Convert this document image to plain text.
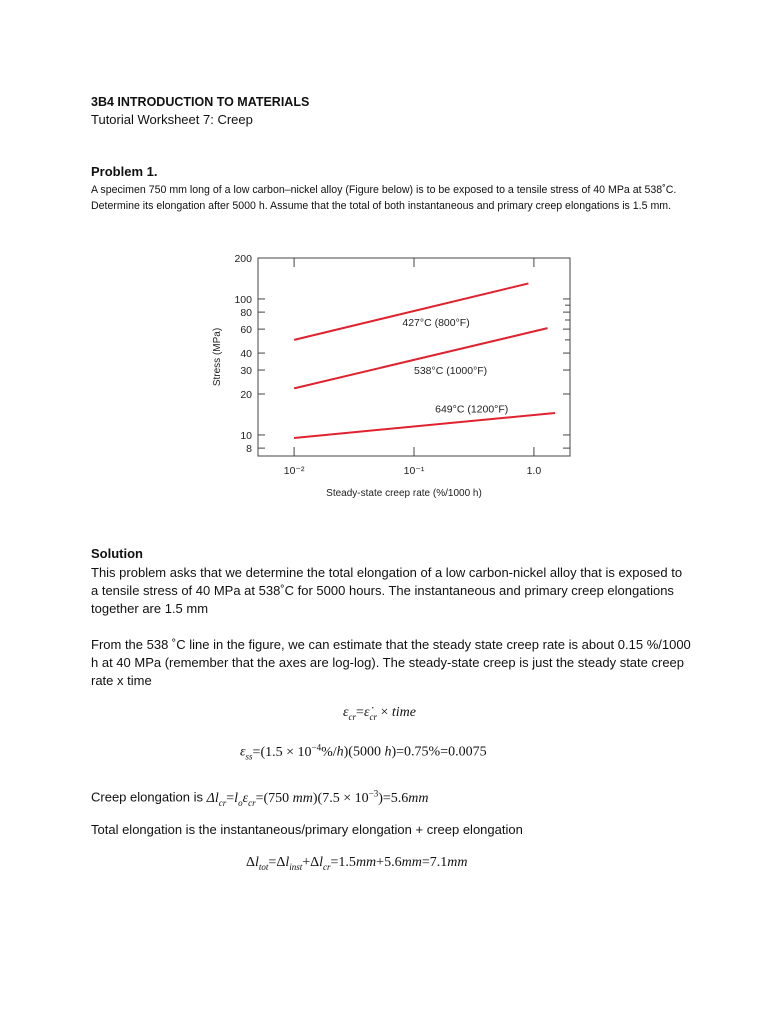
3B4 INTRODUCTION TO MATERIALS
Tutorial Worksheet 7: Creep
Problem 1.
A specimen 750 mm long of a low carbon–nickel alloy (Figure below) is to be exposed to a tensile stress of 40 MPa at 538˚C. Determine its elongation after 5000 h. Assume that the total of both instantaneous and primary creep elongations is 1.5 mm.
200
100
80
60
40
30
20
10
8
10⁻²	10⁻¹	1.0
427°C (800°F)
538°C (1000°F)
649°C (1200°F)
Steady-state creep rate (%/1000 h)
Stress (MPa)
Solution
This problem asks that we determine the total elongation of a low carbon-nickel alloy that is exposed to a tensile stress of 40 MPa at 538˚C for 5000 hours. The instantaneous and primary creep elongations together are 1.5 mm
From the 538 ˚C line in the figure, we can estimate that the steady state creep rate is about 0.15 %/1000 h at 40 MPa (remember that the axes are log-log). The steady-state creep is just the steady state creep rate x time
$\varepsilon_{cr}=\varepsiloṅ_{cr}$ × time
$\varepsilon_{ss}=(1.5 \times 10^{-4}\%/h)(5000$ h)=0.75%=0.0075
Creep elongation is $\Delta l_{cr}=l_o\varepsilon_{cr}=(750$ $mm)(7.5 \times 10^{-3})=5.6mm$
Total elongation is the instantaneous/primary elongation + creep elongation
$\Delta l_{tot}=\Delta l_{inst}+\Delta l_{cr}=1.5mm+5.6mm=7.1mm$
